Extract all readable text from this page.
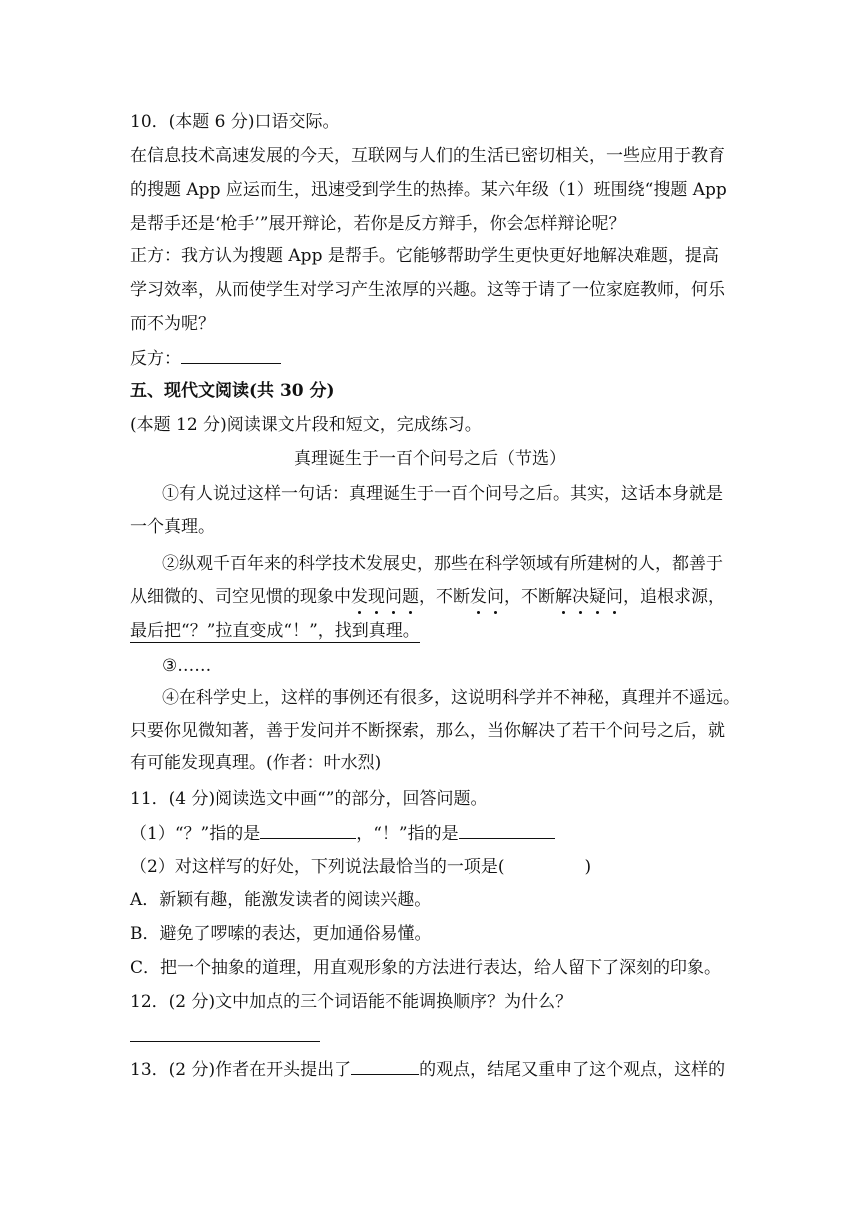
10．(本题 6 分)口语交际。
在信息技术高速发展的今天，互联网与人们的生活已密切相关，一些应用于教育
的搜题 App 应运而生，迅速受到学生的热捧。某六年级（1）班围绕“搜题 App
是帮手还是‘枪手’”展开辩论，若你是反方辩手，你会怎样辩论呢？
正方：我方认为搜题 App 是帮手。它能够帮助学生更快更好地解决难题，提高
学习效率，从而使学生对学习产生浓厚的兴趣。这等于请了一位家庭教师，何乐
而不为呢？
反方：
五、现代文阅读(共 30 分)
(本题 12 分)阅读课文片段和短文，完成练习。
真理诞生于一百个问号之后（节选）
①有人说过这样一句话：真理诞生于一百个问号之后。其实，这话本身就是
一个真理。
②纵观千百年来的科学技术发展史，那些在科学领域有所建树的人，都善于
从细微的、司空见惯的现象中发现问题，不断发问，不断解决疑问，追根求源，
最后把“？”拉直变成“！”，找到真理。
③……
④在科学史上，这样的事例还有很多，这说明科学并不神秘，真理并不遥远。
只要你见微知著，善于发问并不断探索，那么，当你解决了若干个问号之后，就
有可能发现真理。(作者：叶水烈)
11．(4 分)阅读选文中画“”的部分，回答问题。
（1）“？”指的是	，“！”指的是
（2）对这样写的好处，下列说法最恰当的一项是(	)
A．新颖有趣，能激发读者的阅读兴趣。
B．避免了啰嗦的表达，更加通俗易懂。
C．把一个抽象的道理，用直观形象的方法进行表达，给人留下了深刻的印象。
12．(2 分)文中加点的三个词语能不能调换顺序？为什么？
13．(2 分)作者在开头提出了	的观点，结尾又重申了这个观点，这样的
